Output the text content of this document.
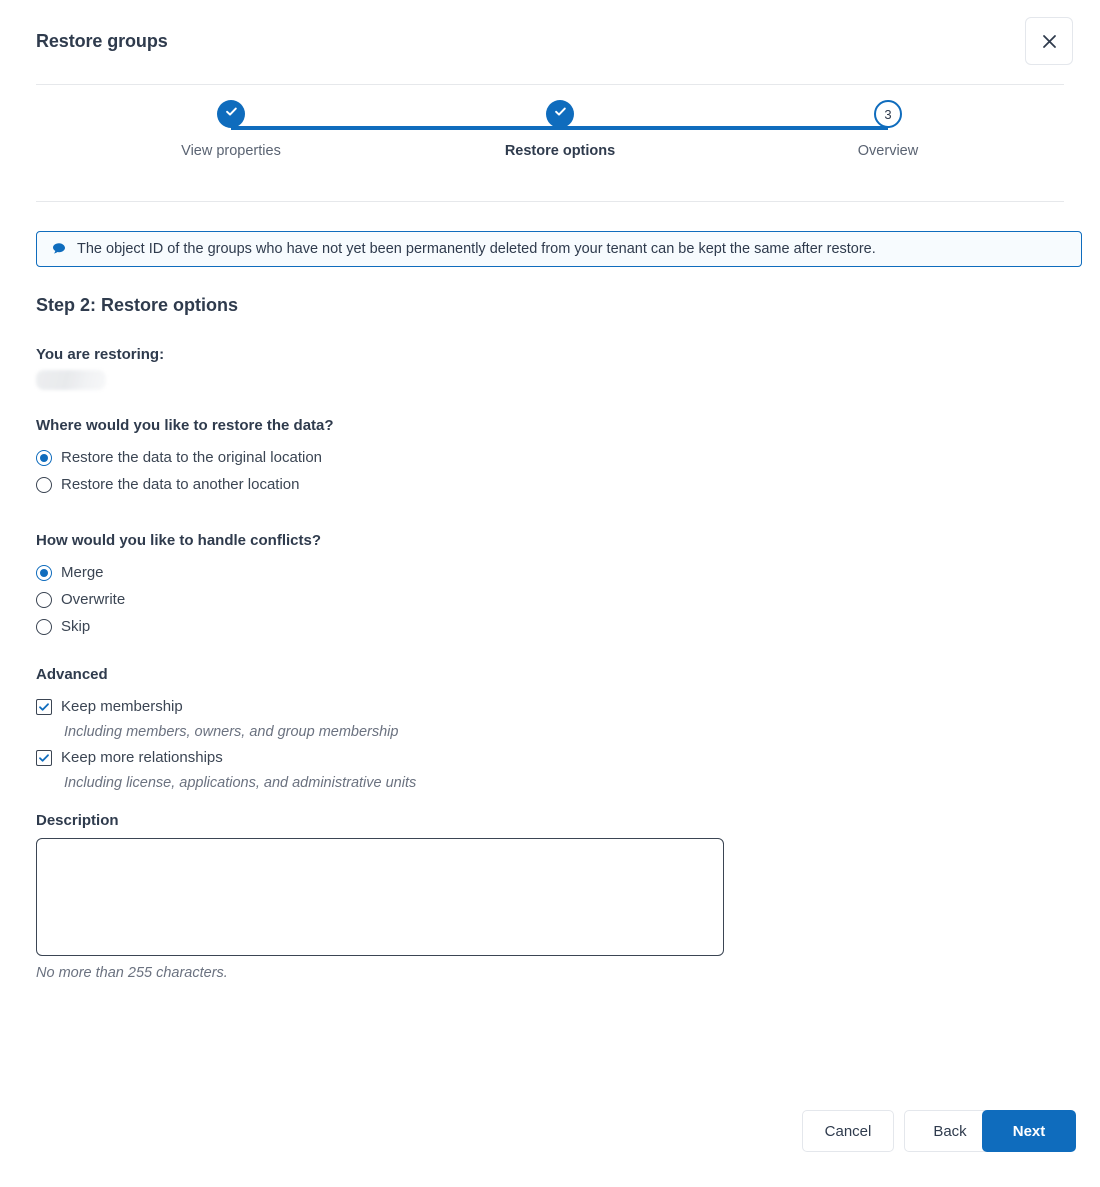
Restore groups
View properties	Restore options
3
Overview
The object ID of the groups who have not yet been permanently deleted from your tenant can be kept the same after restore.
Step 2: Restore options
You are restoring:
Where would you like to restore the data?
Restore the data to the original location
Restore the data to another location
How would you like to handle conflicts?
Merge
Overwrite
Skip
Advanced
Keep membership
Including members, owners, and group membership
Keep more relationships
Including license, applications, and administrative units
Description
No more than 255 characters.
Cancel	Back	Next
